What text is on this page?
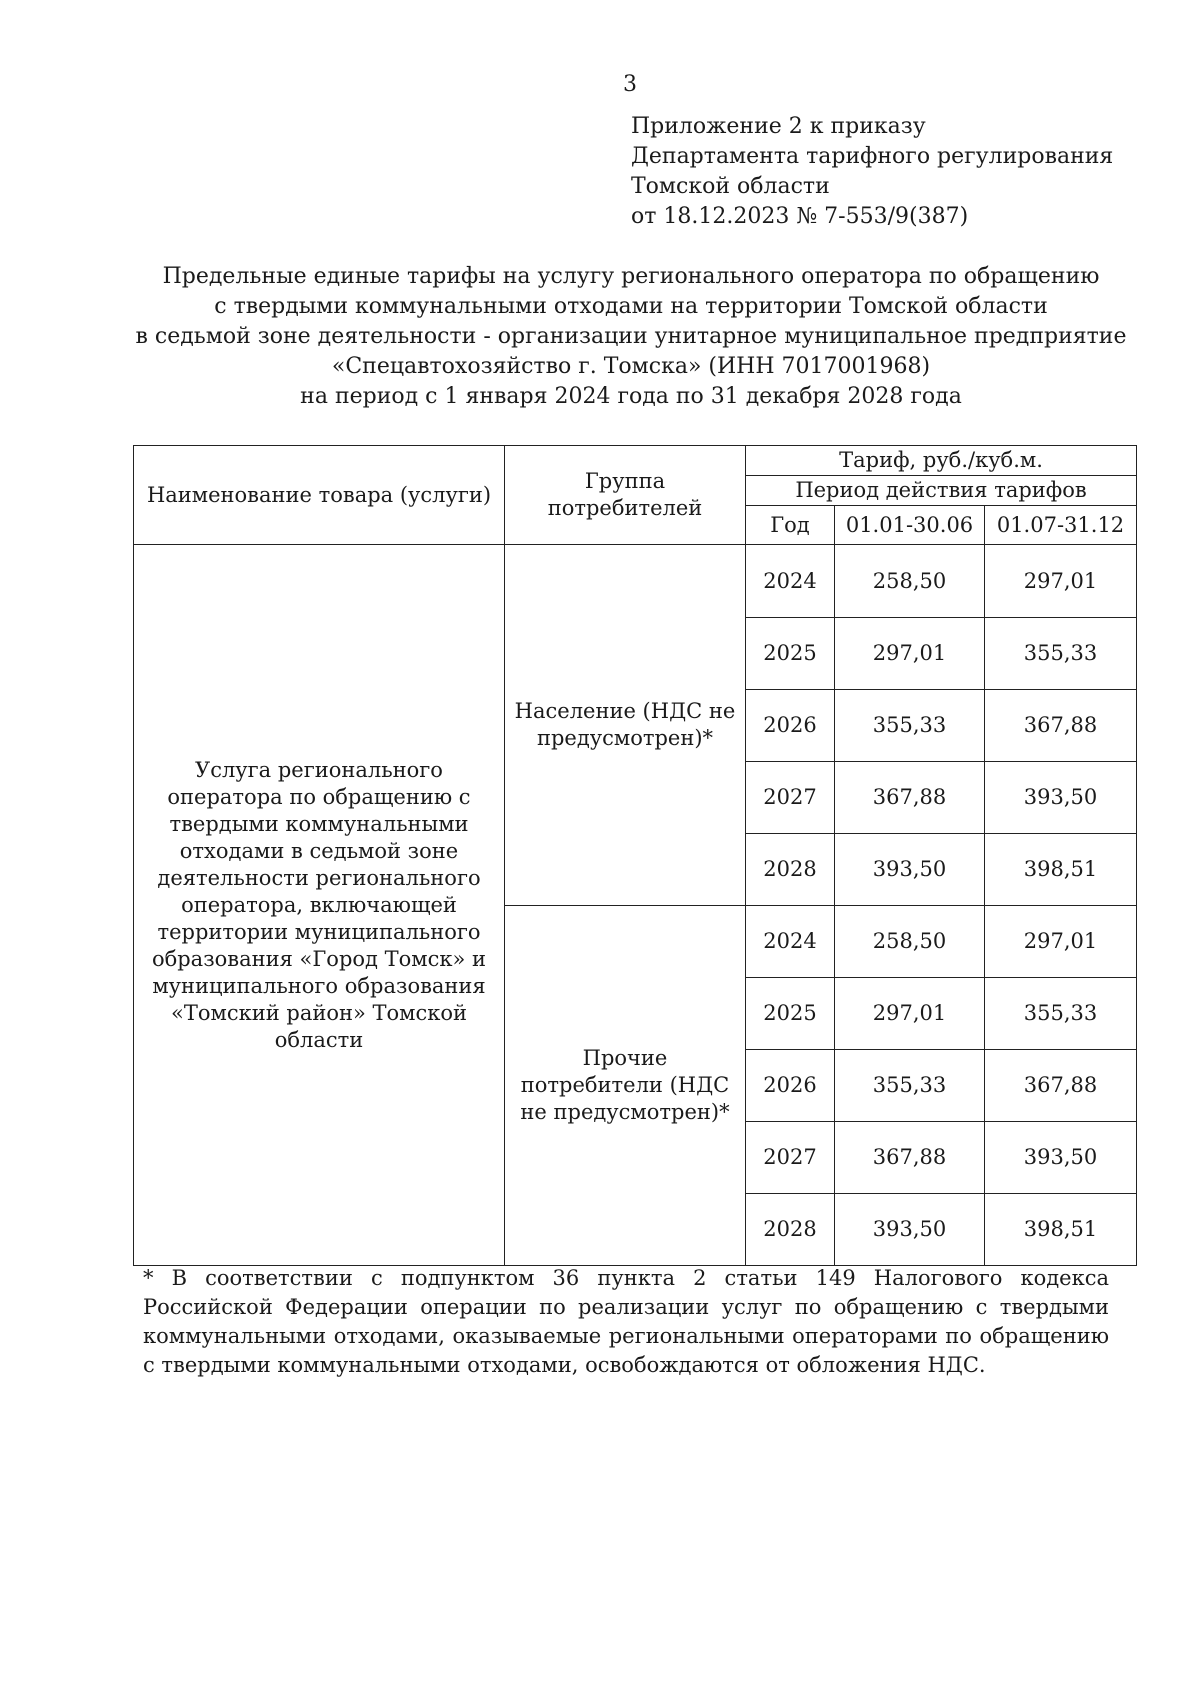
3
Приложение 2 к приказу
Департамента тарифного регулирования
Томской области
от 18.12.2023 № 7-553/9(387)
Предельные единые тарифы на услугу регионального оператора по обращению
с твердыми коммунальными отходами на территории Томской области
в седьмой зоне деятельности - организации унитарное муниципальное предприятие
«Спецавтохозяйство г. Томска» (ИНН 7017001968)
на период с 1 января 2024 года по 31 декабря 2028 года
Наименование товара (услуги)	Группа потребителей	Тариф, руб./куб.м.		
		Период действия тарифов		
		Год	01.01-30.06	01.07-31.12
Услуга регионального оператора по обращению с твердыми коммунальными отходами в седьмой зоне деятельности регионального оператора, включающей территории муниципального образования «Город Томск» и муниципального образования «Томский район» Томской области	Население (НДС не предусмотрен)*	2024	258,50	297,01
		2025	297,01	355,33
		2026	355,33	367,88
		2027	367,88	393,50
		2028	393,50	398,51
	Прочие потребители (НДС не предусмотрен)*	2024	258,50	297,01
		2025	297,01	355,33
		2026	355,33	367,88
		2027	367,88	393,50
		2028	393,50	398,51
* В соответствии с подпунктом 36 пункта 2 статьи 149 Налогового кодекса Российской Федерации операции по реализации услуг по обращению с твердыми коммунальными отходами, оказываемые региональными операторами по обращению с твердыми коммунальными отходами, освобождаются от обложения НДС.
